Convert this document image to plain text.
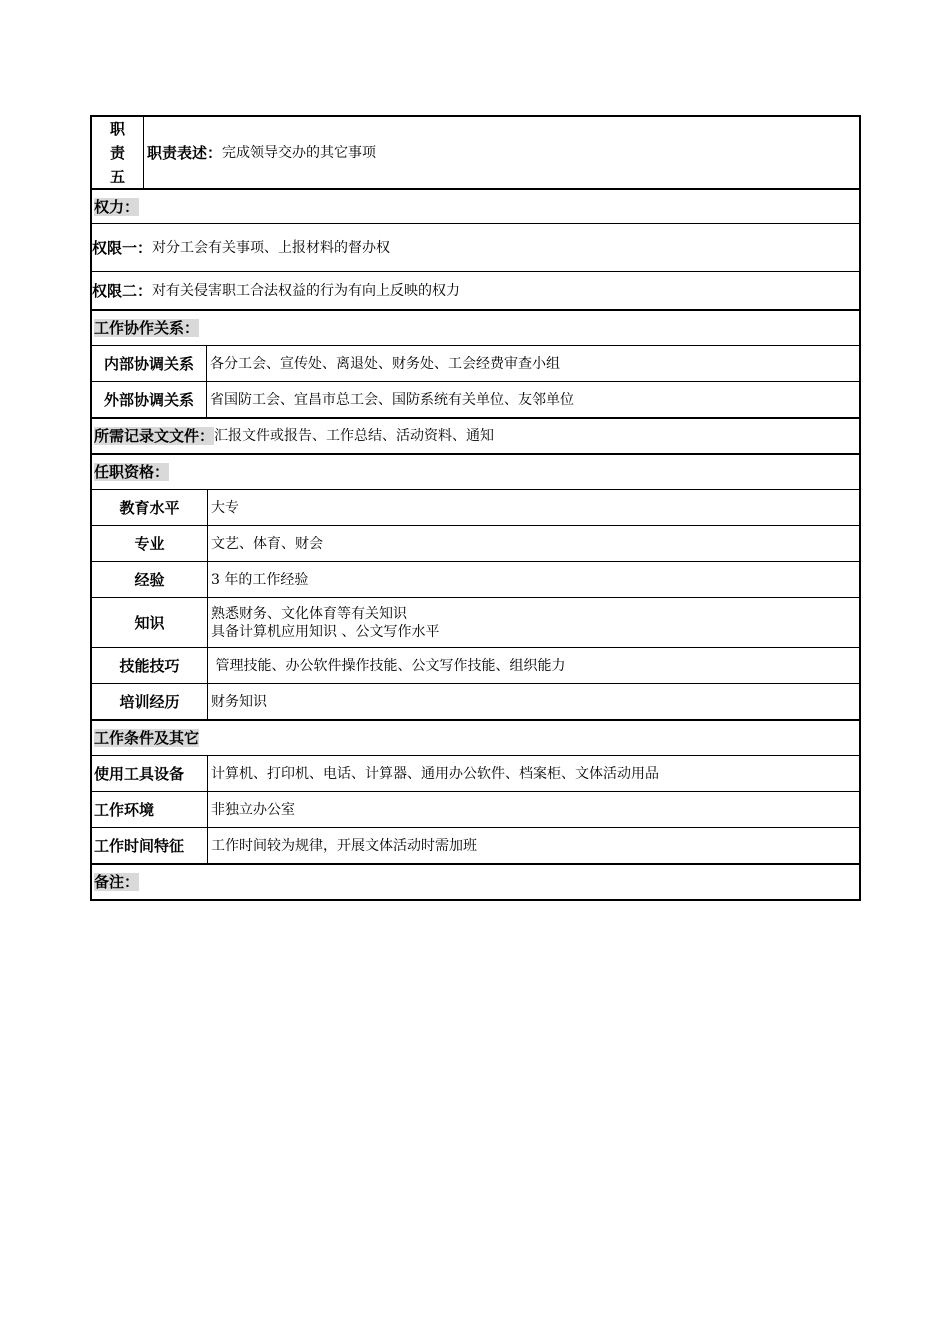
职
责
五
职责表述： 完成领导交办的其它事项
权力：
权限一： 对分工会有关事项、上报材料的督办权
权限二： 对有关侵害职工合法权益的行为有向上反映的权力
工作协作关系：
内部协调关系	各分工会、宣传处、离退处、财务处、工会经费审查小组
外部协调关系	省国防工会、宜昌市总工会、国防系统有关单位、友邻单位
所需记录文文件： 汇报文件或报告、工作总结、活动资料、通知
任职资格：
教育水平	大专
专业	文艺、体育、财会
经验	3 年的工作经验
知识	熟悉财务、文化体育等有关知识
具备计算机应用知识 、公文写作水平
技能技巧	管理技能、办公软件操作技能、公文写作技能、组织能力
培训经历	财务知识
工作条件及其它
使用工具设备	计算机、打印机、电话、计算器、通用办公软件、档案柜、文体活动用品
工作环境	非独立办公室
工作时间特征	工作时间较为规律，开展文体活动时需加班
备注：
